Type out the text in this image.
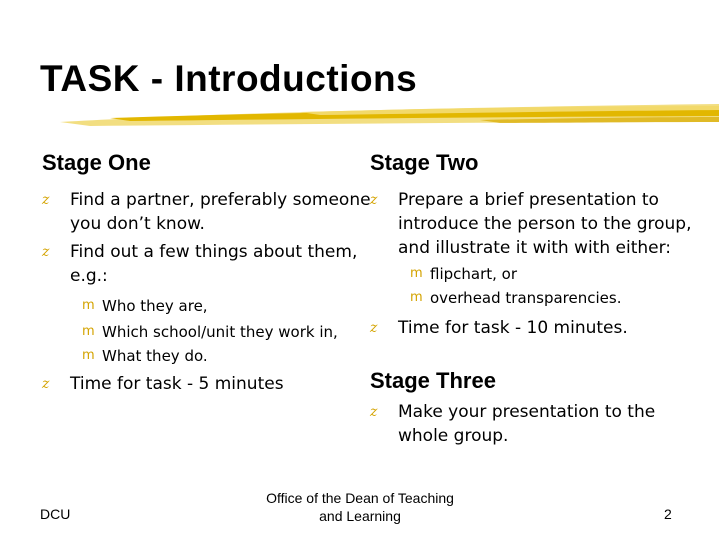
TASK - Introductions
Stage One
z Find a partner, preferably someone you don’t know.
z Find out a few things about them, e.g.:
m Who they are,
m Which school/unit they work in,
m What they do.
z Time for task - 5 minutes
Stage Two
z Prepare a brief presentation to introduce the person to the group, and illustrate it with with either:
m flipchart, or
m overhead transparencies.
z Time for task - 10 minutes.
Stage Three
z Make your presentation to the whole group.
DCU
Office of the Dean of Teaching
and Learning	2
